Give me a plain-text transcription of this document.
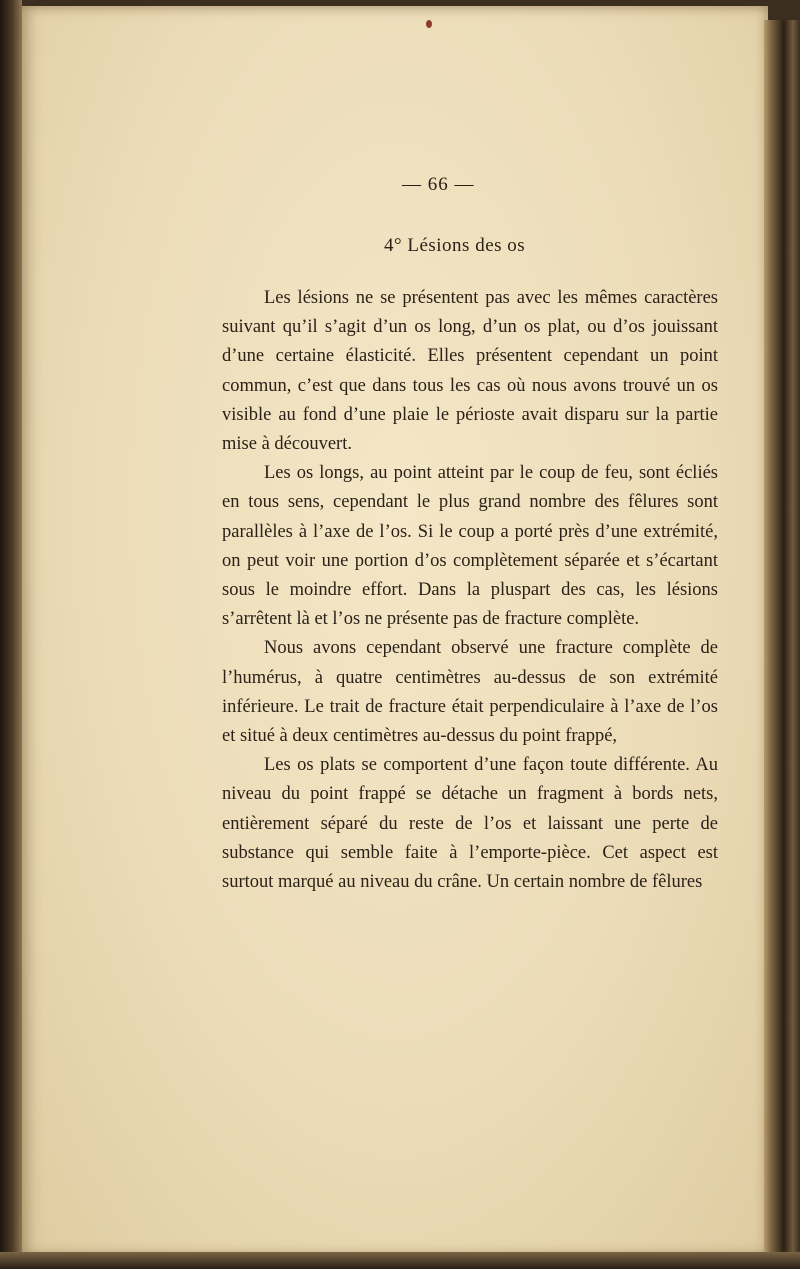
— 66 —
4° Lésions des os

Les lésions ne se présentent pas avec les mêmes caractères suivant qu’il s’agit d’un os long, d’un os plat, ou d’os jouissant d’une certaine élasticité. Elles présentent cependant un point commun, c’est que dans tous les cas où nous avons trouvé un os visible au fond d’une plaie le périoste avait disparu sur la partie mise à découvert.

Les os longs, au point atteint par le coup de feu, sont écliés en tous sens, cependant le plus grand nombre des fêlures sont parallèles à l’axe de l’os. Si le coup a porté près d’une extrémité, on peut voir une portion d’os complètement séparée et s’écartant sous le moindre effort. Dans la pluspart des cas, les lésions s’arrêtent là et l’os ne présente pas de fracture complète.

Nous avons cependant observé une fracture complète de l’humérus, à quatre centimètres au-dessus de son extrémité inférieure. Le trait de fracture était perpendiculaire à l’axe de l’os et situé à deux centimètres au-dessus du point frappé,

Les os plats se comportent d’une façon toute différente. Au niveau du point frappé se détache un fragment à bords nets, entièrement séparé du reste de l’os et laissant une perte de substance qui semble faite à l’emporte-pièce. Cet aspect est surtout marqué au niveau du crâne. Un certain nombre de fêlures
